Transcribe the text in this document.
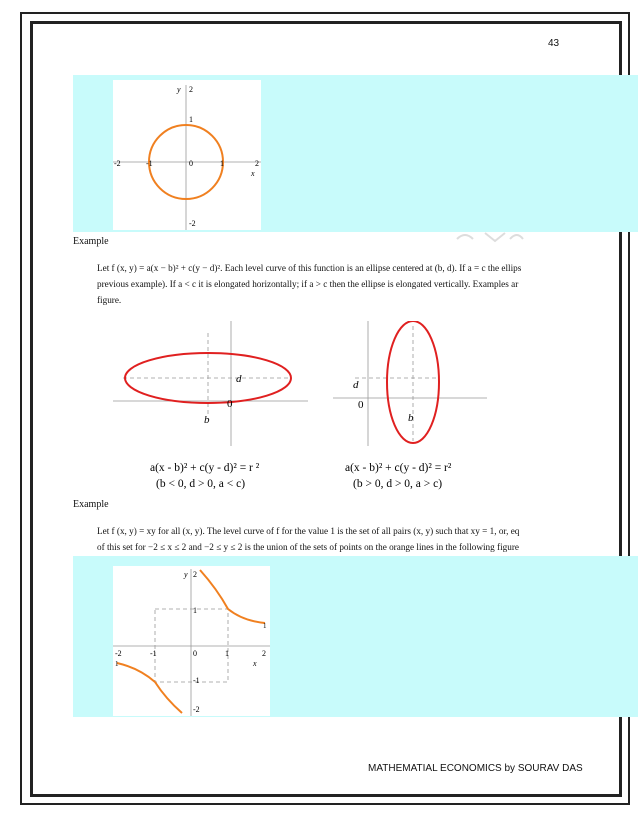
43
y 2
1
-2	-1	0	1	2
x
-2
Example
Let f (x, y) = a(x − b)² + c(y − d)². Each level curve of this function is an ellipse centered at (b, d). If a = c the ellips
previous example). If a < c it is elongated horizontally; if a > c then the ellipse is elongated vertically. Examples ar
figure.
d
0
b
a(x - b)² + c(y - d)² = r ²
(b < 0, d > 0, a < c)
d
0
b
a(x - b)² + c(y - d)² = r²
(b > 0, d > 0, a > c)
Example
Let f (x, y) = xy for all (x, y). The level curve of f for the value 1 is the set of all pairs (x, y) such that xy = 1, or, eq
of this set for −2 ≤ x ≤ 2 and −2 ≤ y ≤ 2 is the union of the sets of points on the orange lines in the following figure
y 2
1
-2	-1	0	1	2
x
1
1
-1
-2
MATHEMATIAL ECONOMICS by SOURAV DAS
